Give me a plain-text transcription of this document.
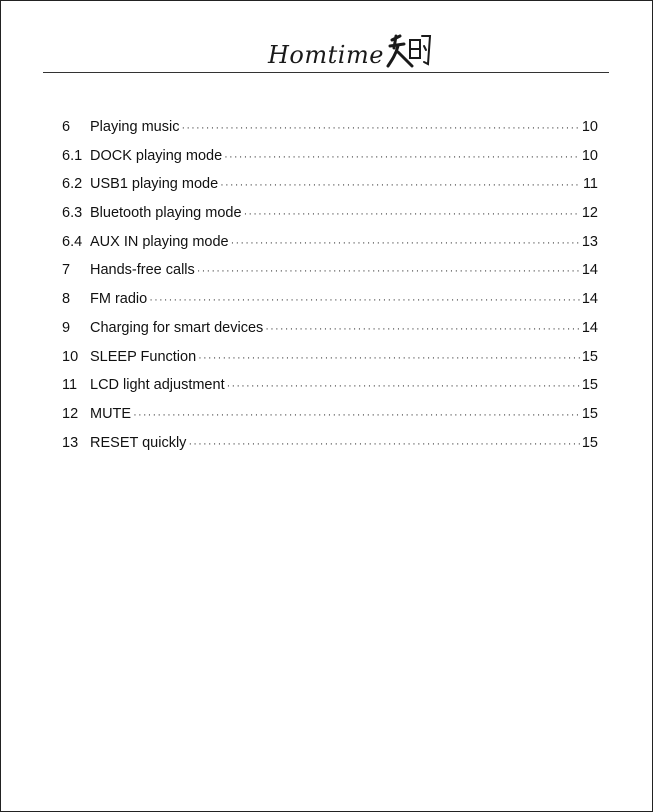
Homtime
6	Playing music ·····	10
6.1 DOCK playing mode ·····	10
6.2 USB1 playing mode ·····	11
6.3 Bluetooth playing mode ·····	12
6.4 AUX IN playing mode ·····	13
7	Hands-free calls ·····	14
8	FM radio ·····	14
9	Charging for smart devices ·····	14
10 SLEEP Function ·····	15
11 LCD light adjustment ·····	15
12 MUTE ·····	15
13 RESET quickly ·····	15
